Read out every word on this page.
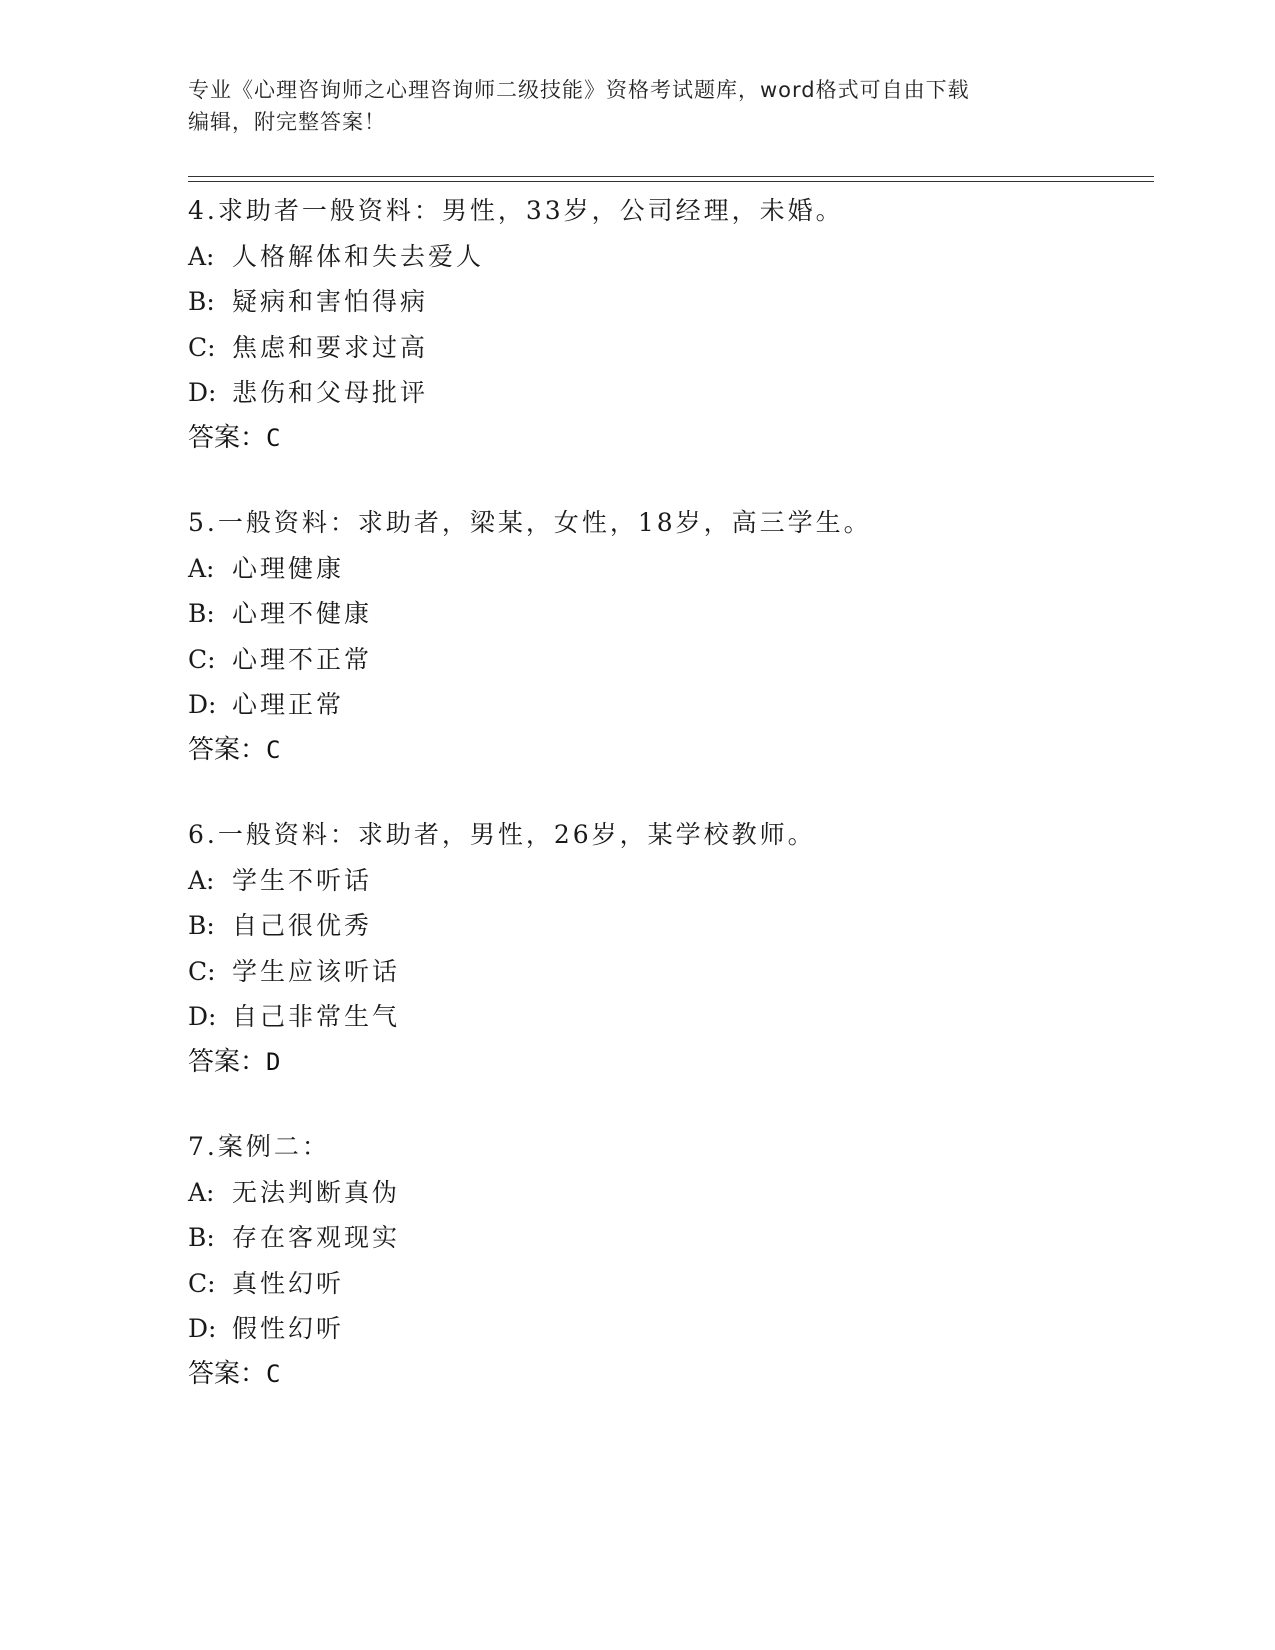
专业《心理咨询师之心理咨询师二级技能》资格考试题库，word格式可自由下载
编辑，附完整答案！
4.求助者一般资料：男性，33岁，公司经理，未婚。
A: 人格解体和失去爱人
B: 疑病和害怕得病
C: 焦虑和要求过高
D: 悲伤和父母批评
答案：C
5.一般资料：求助者，梁某，女性，18岁，高三学生。
A: 心理健康
B: 心理不健康
C: 心理不正常
D: 心理正常
答案：C
6.一般资料：求助者，男性，26岁，某学校教师。
A: 学生不听话
B: 自己很优秀
C: 学生应该听话
D: 自己非常生气
答案：D
7.案例二：
A: 无法判断真伪
B: 存在客观现实
C: 真性幻听
D: 假性幻听
答案：C
